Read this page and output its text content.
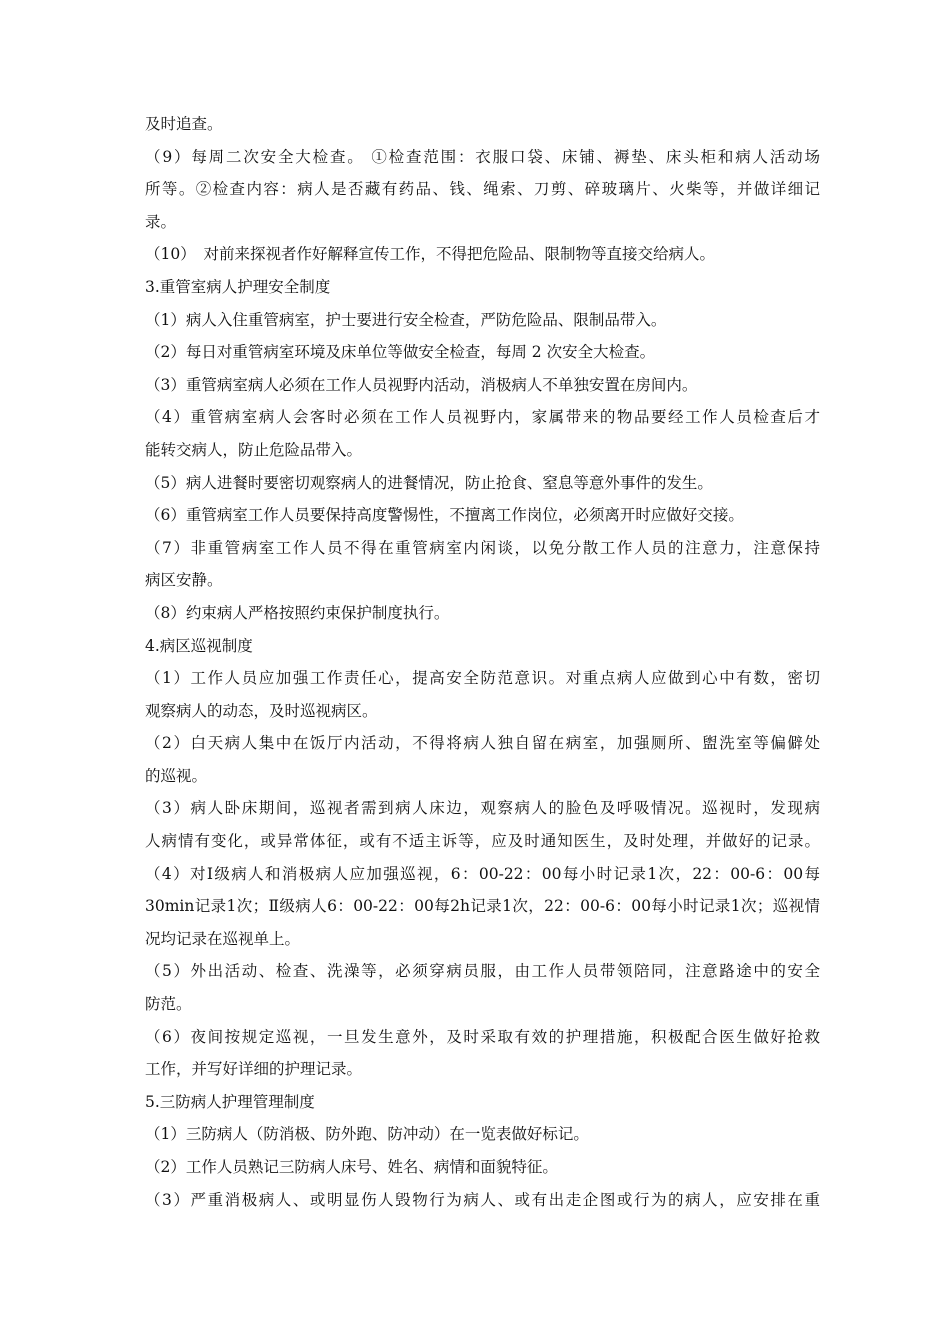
及时追查。
（9）每周二次安全大检查。 ①检查范围：衣服口袋、床铺、褥垫、床头柜和病人活动场
所等。②检查内容：病人是否藏有药品、钱、绳索、刀剪、碎玻璃片、火柴等，并做详细记
录。
（10）　对前来探视者作好解释宣传工作，不得把危险品、限制物等直接交给病人。
3.重管室病人护理安全制度
（1）病人入住重管病室，护士要进行安全检查，严防危险品、限制品带入。
（2）每日对重管病室环境及床单位等做安全检查，每周 2 次安全大检查。
（3）重管病室病人必须在工作人员视野内活动，消极病人不单独安置在房间内。
（4）重管病室病人会客时必须在工作人员视野内，家属带来的物品要经工作人员检查后才
能转交病人，防止危险品带入。
（5）病人进餐时要密切观察病人的进餐情况，防止抢食、窒息等意外事件的发生。
（6）重管病室工作人员要保持高度警惕性，不擅离工作岗位，必须离开时应做好交接。
（7）非重管病室工作人员不得在重管病室内闲谈，以免分散工作人员的注意力，注意保持
病区安静。
（8）约束病人严格按照约束保护制度执行。
4.病区巡视制度
（1）工作人员应加强工作责任心，提高安全防范意识。对重点病人应做到心中有数，密切
观察病人的动态，及时巡视病区。
（2）白天病人集中在饭厅内活动，不得将病人独自留在病室，加强厕所、盥洗室等偏僻处
的巡视。
（3）病人卧床期间，巡视者需到病人床边，观察病人的脸色及呼吸情况。巡视时，发现病
人病情有变化，或异常体征，或有不适主诉等，应及时通知医生，及时处理，并做好的记录。
（4）对Ⅰ级病人和消极病人应加强巡视，6：00-22：00每小时记录1次，22：00-6：00每
30min记录1次；Ⅱ级病人6：00-22：00每2h记录1次，22：00-6：00每小时记录1次；巡视情
况均记录在巡视单上。
（5）外出活动、检查、洗澡等，必须穿病员服，由工作人员带领陪同，注意路途中的安全
防范。
（6）夜间按规定巡视，一旦发生意外，及时采取有效的护理措施，积极配合医生做好抢救
工作，并写好详细的护理记录。
5.三防病人护理管理制度
（1）三防病人（防消极、防外跑、防冲动）在一览表做好标记。
（2）工作人员熟记三防病人床号、姓名、病情和面貌特征。
（3）严重消极病人、或明显伤人毁物行为病人、或有出走企图或行为的病人，应安排在重
